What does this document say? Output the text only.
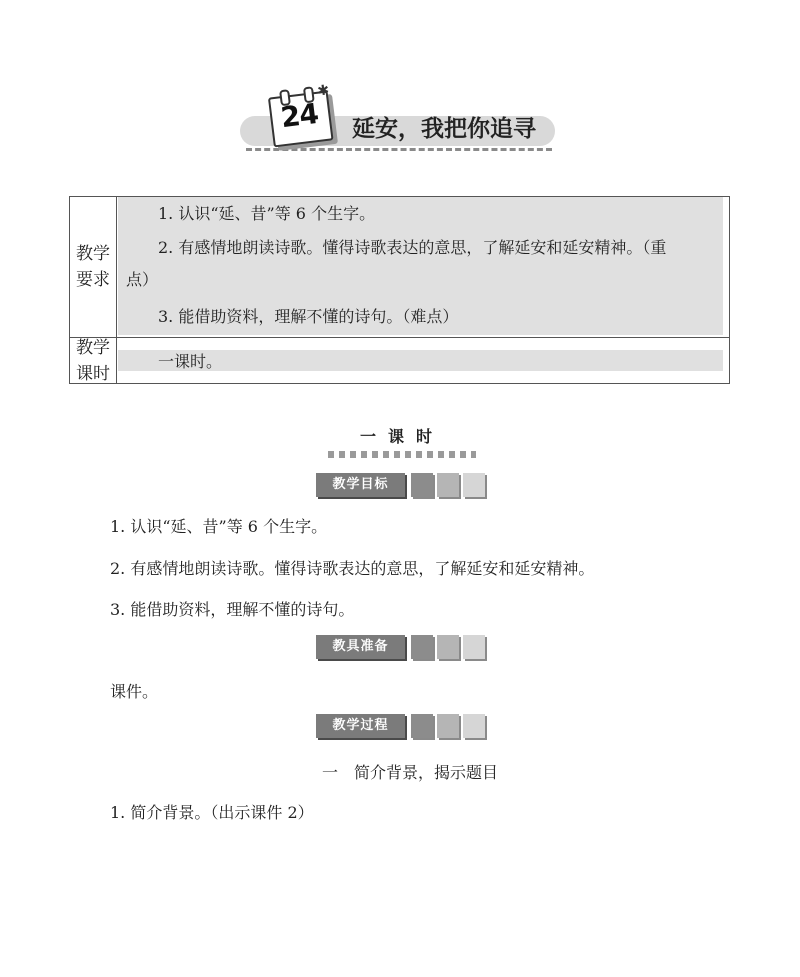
24
✱
延安，我把你追寻
教学
要求
1. 认识“延、昔”等 6 个生字。
2. 有感情地朗读诗歌。懂得诗歌表达的意思，了解延安和延安精神。（重
点）
3. 能借助资料，理解不懂的诗句。（难点）
教学
课时
一课时。
一课时
教学目标
1. 认识“延、昔”等 6 个生字。
2. 有感情地朗读诗歌。懂得诗歌表达的意思，了解延安和延安精神。
3. 能借助资料，理解不懂的诗句。
教具准备
课件。
教学过程
一　简介背景，揭示题目
1. 简介背景。（出示课件 2）
